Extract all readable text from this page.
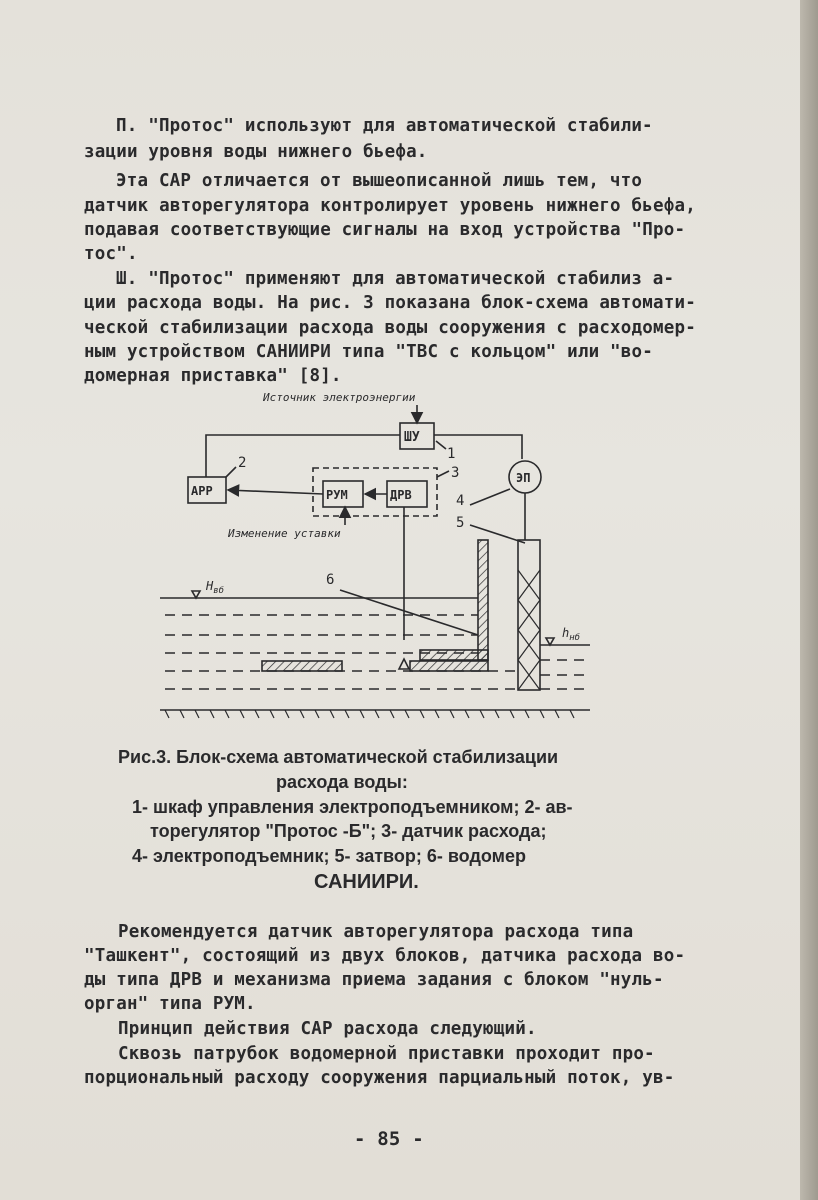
П. "Протос" используют для автоматической стабили-
зации уровня воды нижнего бьефа.
Эта САР отличается от вышеописанной лишь тем, что
датчик авторегулятора контролирует уровень нижнего бьефа,
подавая соответствующие сигналы на вход устройства "Про-
тос".
Ш. "Протос" применяют для автоматической стабилиз а-
ции расхода воды. На рис. 3 показана блок-схема автомати-
ческой стабилизации расхода воды сооружения с расходомер-
ным устройством САНИИРИ типа "ТВС с кольцом" или "во-
домерная приставка" [8].
Источник электроэнергии
ШУ
АРР	РУМ	ДРВ
ЭП
Изменение уставки
$Н_{вб}$
$h_{нб}$
1
2
3
4
5
6
Рис.3. Блок-схема автоматической стабилизации
расхода воды:
1- шкаф управления электроподъемником; 2- ав-
торегулятор "Протос -Б"; 3- датчик расхода;
4- электроподъемник; 5- затвор; 6- водомер
САНИИРИ.
Рекомендуется датчик авторегулятора расхода типа
"Ташкент", состоящий из двух блоков, датчика расхода во-
ды типа ДРВ и механизма приема задания с блоком "нуль-
орган" типа РУМ.
Принцип действия САР расхода следующий.
Сквозь патрубок водомерной приставки проходит про-
порциональный расходу сооружения парциальный поток, ув-
- 85 -
